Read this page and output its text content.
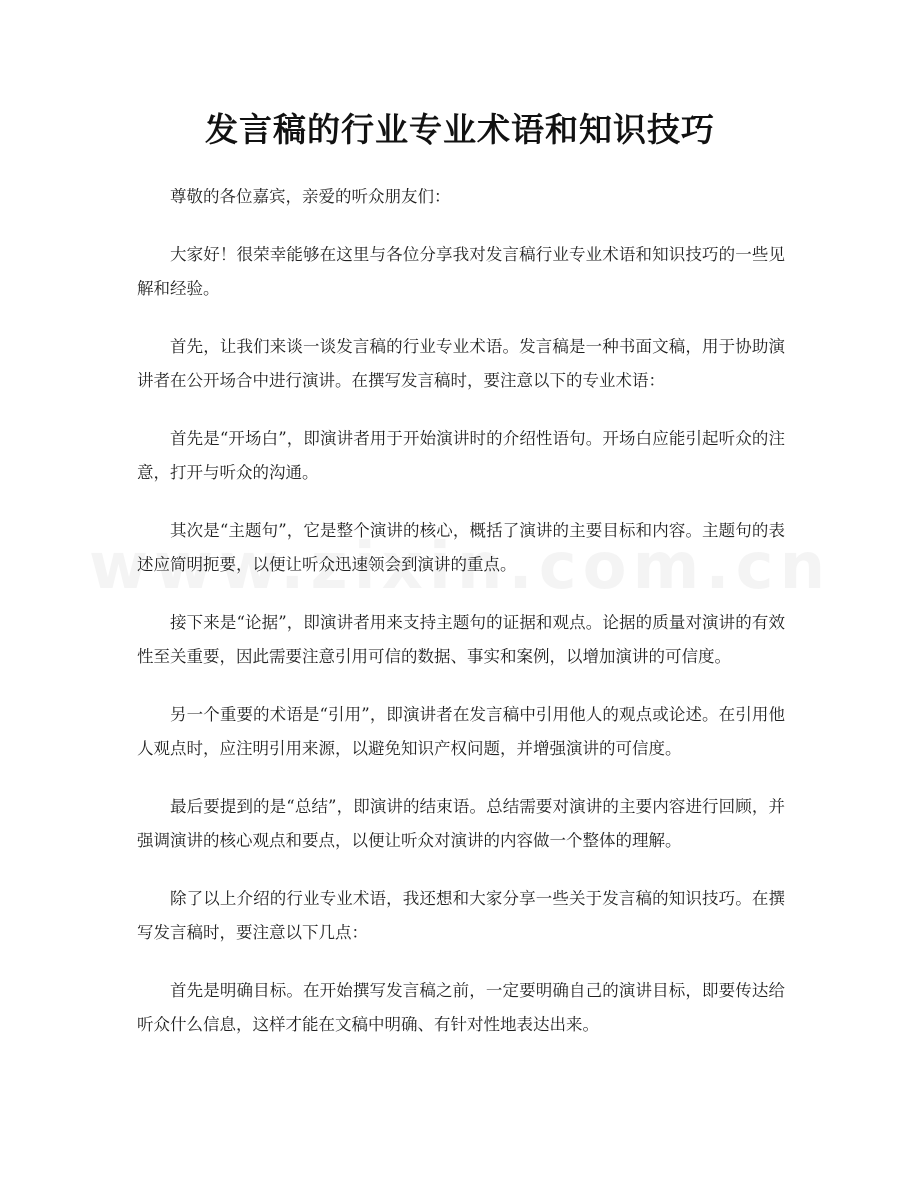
发言稿的行业专业术语和知识技巧

尊敬的各位嘉宾，亲爱的听众朋友们：

大家好！很荣幸能够在这里与各位分享我对发言稿行业专业术语和知识技巧的一些见解和经验。

首先，让我们来谈一谈发言稿的行业专业术语。发言稿是一种书面文稿，用于协助演讲者在公开场合中进行演讲。在撰写发言稿时，要注意以下的专业术语：

首先是“开场白”，即演讲者用于开始演讲时的介绍性语句。开场白应能引起听众的注意，打开与听众的沟通。

其次是“主题句”，它是整个演讲的核心，概括了演讲的主要目标和内容。主题句的表述应简明扼要，以便让听众迅速领会到演讲的重点。

接下来是“论据”，即演讲者用来支持主题句的证据和观点。论据的质量对演讲的有效性至关重要，因此需要注意引用可信的数据、事实和案例，以增加演讲的可信度。

另一个重要的术语是“引用”，即演讲者在发言稿中引用他人的观点或论述。在引用他人观点时，应注明引用来源，以避免知识产权问题，并增强演讲的可信度。

最后要提到的是“总结”，即演讲的结束语。总结需要对演讲的主要内容进行回顾，并强调演讲的核心观点和要点，以便让听众对演讲的内容做一个整体的理解。

除了以上介绍的行业专业术语，我还想和大家分享一些关于发言稿的知识技巧。在撰写发言稿时，要注意以下几点：

首先是明确目标。在开始撰写发言稿之前，一定要明确自己的演讲目标，即要传达给听众什么信息，这样才能在文稿中明确、有针对性地表达出来。
